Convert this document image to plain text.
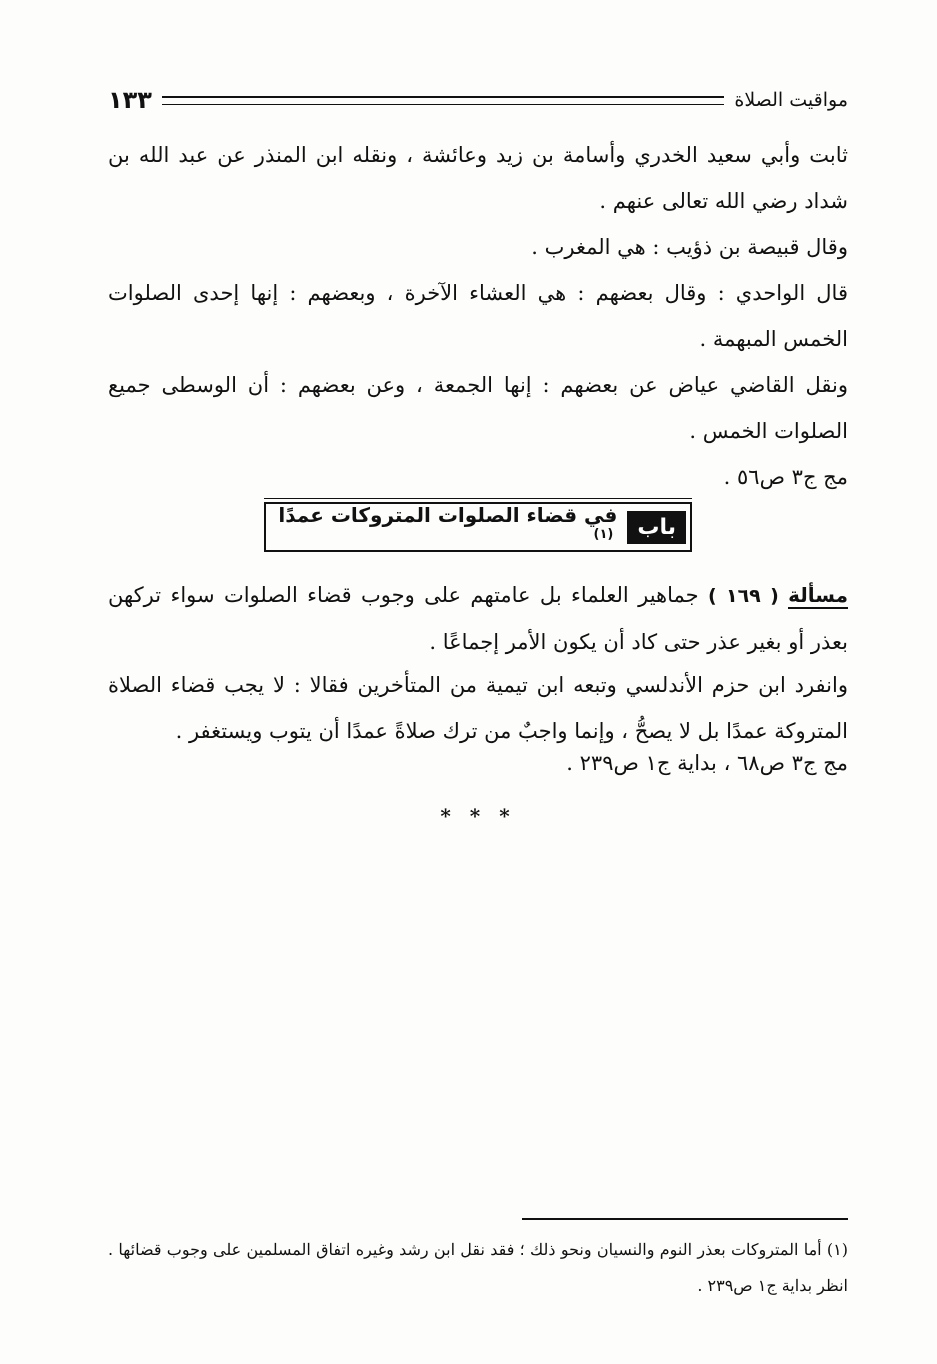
مواقيت الصلاة
١٣٣
ثابت وأبي سعيد الخدري وأسامة بن زيد وعائشة ، ونقله ابن المنذر عن عبد الله بن شداد رضي الله تعالى عنهم .
وقال قبيصة بن ذؤيب : هي المغرب .
قال الواحدي : وقال بعضهم : هي العشاء الآخرة ، وبعضهم : إنها إحدى الصلوات الخمس المبهمة .
ونقل القاضي عياض عن بعضهم : إنها الجمعة ، وعن بعضهم : أن الوسطى جميع الصلوات الخمس .
مج ج٣ ص٥٦ .
باب
في قضاء الصلوات المتروكات عمدًا $^{(١)}$
مسألة ( ١٦٩ ) جماهير العلماء بل عامتهم على وجوب قضاء الصلوات سواء تركهن بعذر أو بغير عذر حتى كاد أن يكون الأمر إجماعًا .
وانفرد ابن حزم الأندلسي وتبعه ابن تيمية من المتأخرين فقالا : لا يجب قضاء الصلاة المتروكة عمدًا بل لا يصحُّ ، وإنما واجبٌ من ترك صلاةً عمدًا أن يتوب ويستغفر .
مج ج٣ ص٦٨ ، بداية ج١ ص٢٣٩ .
* * *
(١) أما المتروكات بعذر النوم والنسيان ونحو ذلك ؛ فقد نقل ابن رشد وغيره اتفاق المسلمين على وجوب قضائها . انظر بداية ج١ ص٢٣٩ .
